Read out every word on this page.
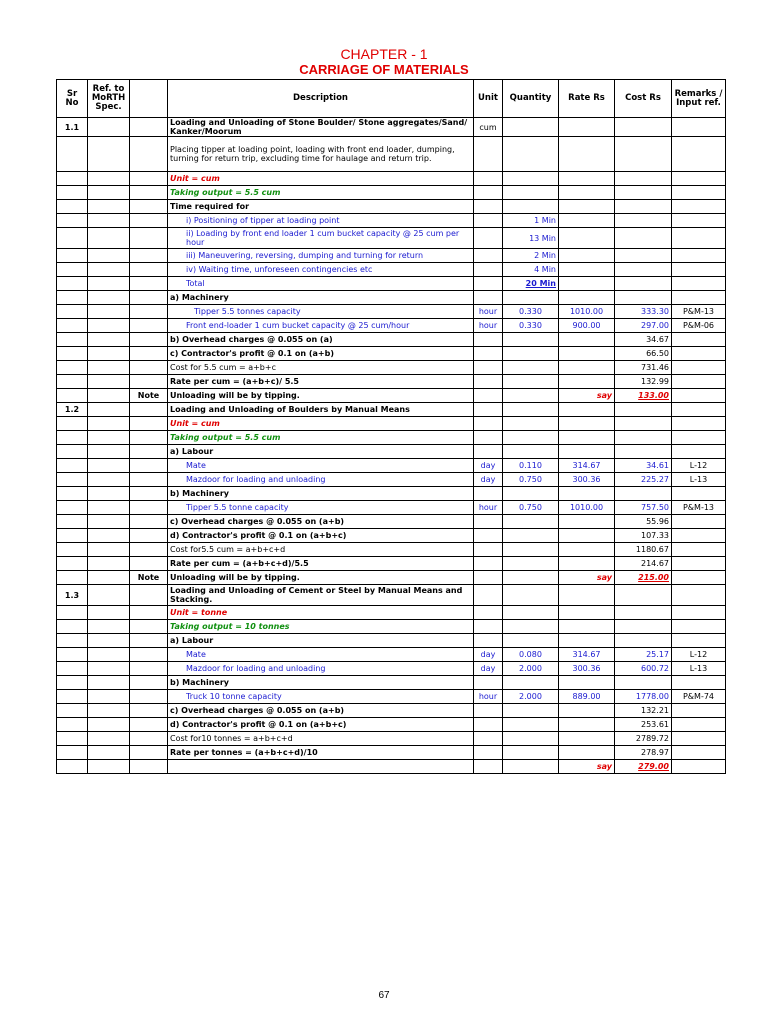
CHAPTER - 1
CARRIAGE OF MATERIALS
Sr No	Ref. to MoRTH Spec.		Description	Unit	Quantity	Rate Rs	Cost Rs	Remarks / Input ref.
1.1			Loading and Unloading of Stone Boulder/ Stone aggregates/Sand/ Kanker/Moorum	cum				
			Placing tipper at loading point, loading with front end loader, dumping, turning for return trip, excluding time for haulage and return trip.					
			Unit = cum					
			Taking output = 5.5 cum					
			Time required for					
			i) Positioning of tipper at loading point		1 Min			
			ii) Loading by front end loader 1 cum bucket capacity @ 25 cum per hour		13 Min			
			iii) Maneuvering, reversing, dumping and turning for return		2 Min			
			iv) Waiting time, unforeseen contingencies etc		4 Min			
			Total		20 Min			
			a) Machinery					
			Tipper 5.5 tonnes capacity	hour	0.330	1010.00	333.30	P&M-13
			Front end-loader 1 cum bucket capacity @ 25 cum/hour	hour	0.330	900.00	297.00	P&M-06
			b) Overhead charges @ 0.055 on (a)				34.67	
			c) Contractor's profit @ 0.1 on (a+b)				66.50	
			Cost for 5.5 cum = a+b+c				731.46	
			Rate per cum = (a+b+c)/ 5.5				132.99	
		Note	Unloading will be by tipping.			say	133.00	
1.2			Loading and Unloading of Boulders by Manual Means					
			Unit = cum					
			Taking output = 5.5 cum					
			a) Labour					
			Mate	day	0.110	314.67	34.61	L-12
			Mazdoor for loading and unloading	day	0.750	300.36	225.27	L-13
			b) Machinery					
			Tipper 5.5 tonne capacity	hour	0.750	1010.00	757.50	P&M-13
			c) Overhead charges @ 0.055 on (a+b)				55.96	
			d) Contractor's profit @ 0.1 on (a+b+c)				107.33	
			Cost for5.5 cum = a+b+c+d				1180.67	
			Rate per cum = (a+b+c+d)/5.5				214.67	
		Note	Unloading will be by tipping.			say	215.00	
1.3			Loading and Unloading of Cement or Steel by Manual Means and Stacking.					
			Unit = tonne					
			Taking output = 10 tonnes					
			a) Labour					
			Mate	day	0.080	314.67	25.17	L-12
			Mazdoor for loading and unloading	day	2.000	300.36	600.72	L-13
			b) Machinery					
			Truck 10 tonne capacity	hour	2.000	889.00	1778.00	P&M-74
			c) Overhead charges @ 0.055 on (a+b)				132.21	
			d) Contractor's profit @ 0.1 on (a+b+c)				253.61	
			Cost for10 tonnes = a+b+c+d				2789.72	
			Rate per tonnes = (a+b+c+d)/10				278.97	
						say	279.00	
67
